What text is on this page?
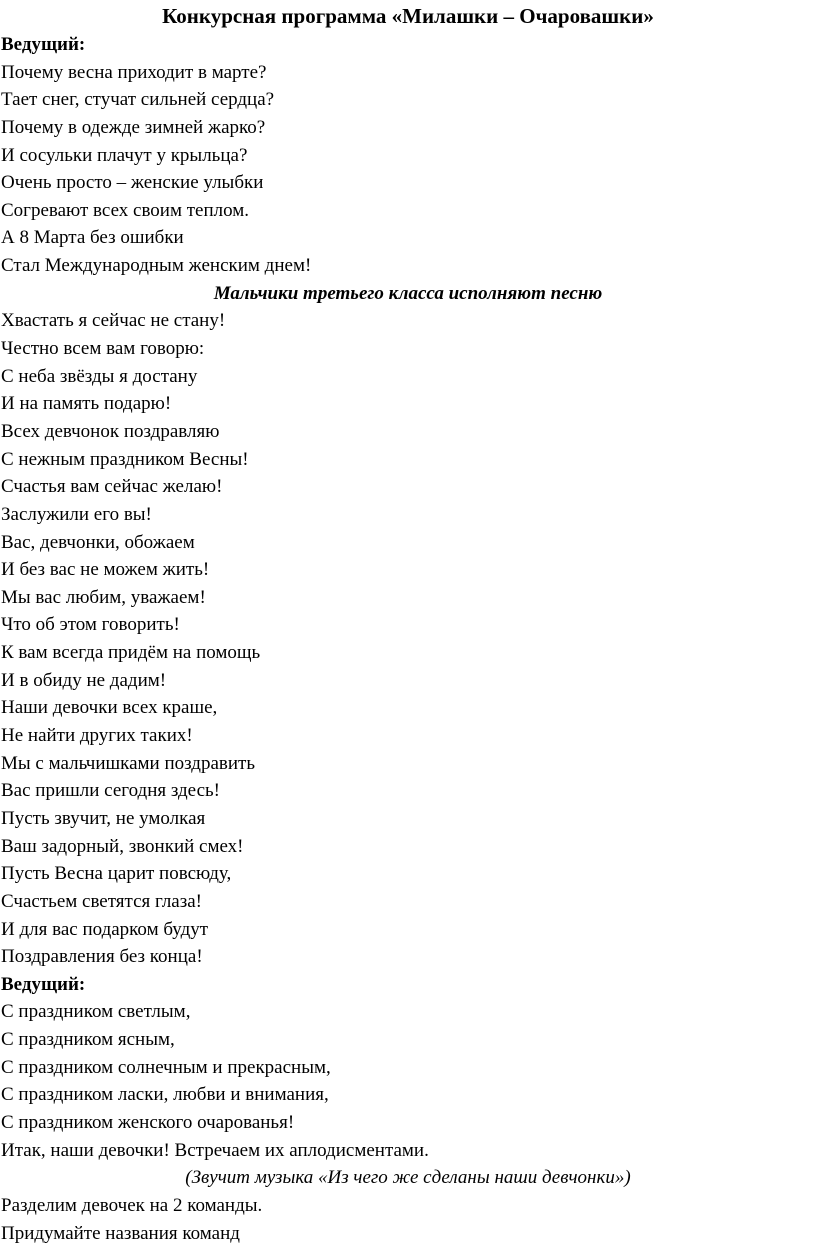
Конкурсная программа «Милашки – Очаровашки»
Ведущий:
Почему весна приходит в марте?
Тает снег, стучат сильней сердца?
Почему в одежде зимней жарко?
И сосульки плачут у крыльца?
Очень просто – женские улыбки
Согревают всех своим теплом.
А 8 Марта без ошибки
Стал Международным женским днем!
Мальчики третьего класса исполняют песню
Хвастать я сейчас не стану!
Честно всем вам говорю:
С неба звёзды я достану
И на память подарю!
Всех девчонок поздравляю
С нежным праздником Весны!
Счастья вам сейчас желаю!
Заслужили его вы!
Вас, девчонки, обожаем
И без вас не можем жить!
Мы вас любим, уважаем!
Что об этом говорить!
К вам всегда придём на помощь
И в обиду не дадим!
Наши девочки всех краше,
Не найти других таких!
Мы с мальчишками поздравить
Вас пришли сегодня здесь!
Пусть звучит, не умолкая
Ваш задорный, звонкий смех!
Пусть Весна царит повсюду,
Счастьем светятся глаза!
И для вас подарком будут
Поздравления без конца!
Ведущий:
С праздником светлым,
С праздником ясным,
С праздником солнечным и прекрасным,
С праздником ласки, любви и внимания,
С праздником женского очарованья!
Итак, наши девочки! Встречаем их аплодисментами.
(Звучит музыка «Из чего же сделаны наши девчонки»)
Разделим девочек на 2 команды.
Придумайте названия команд
